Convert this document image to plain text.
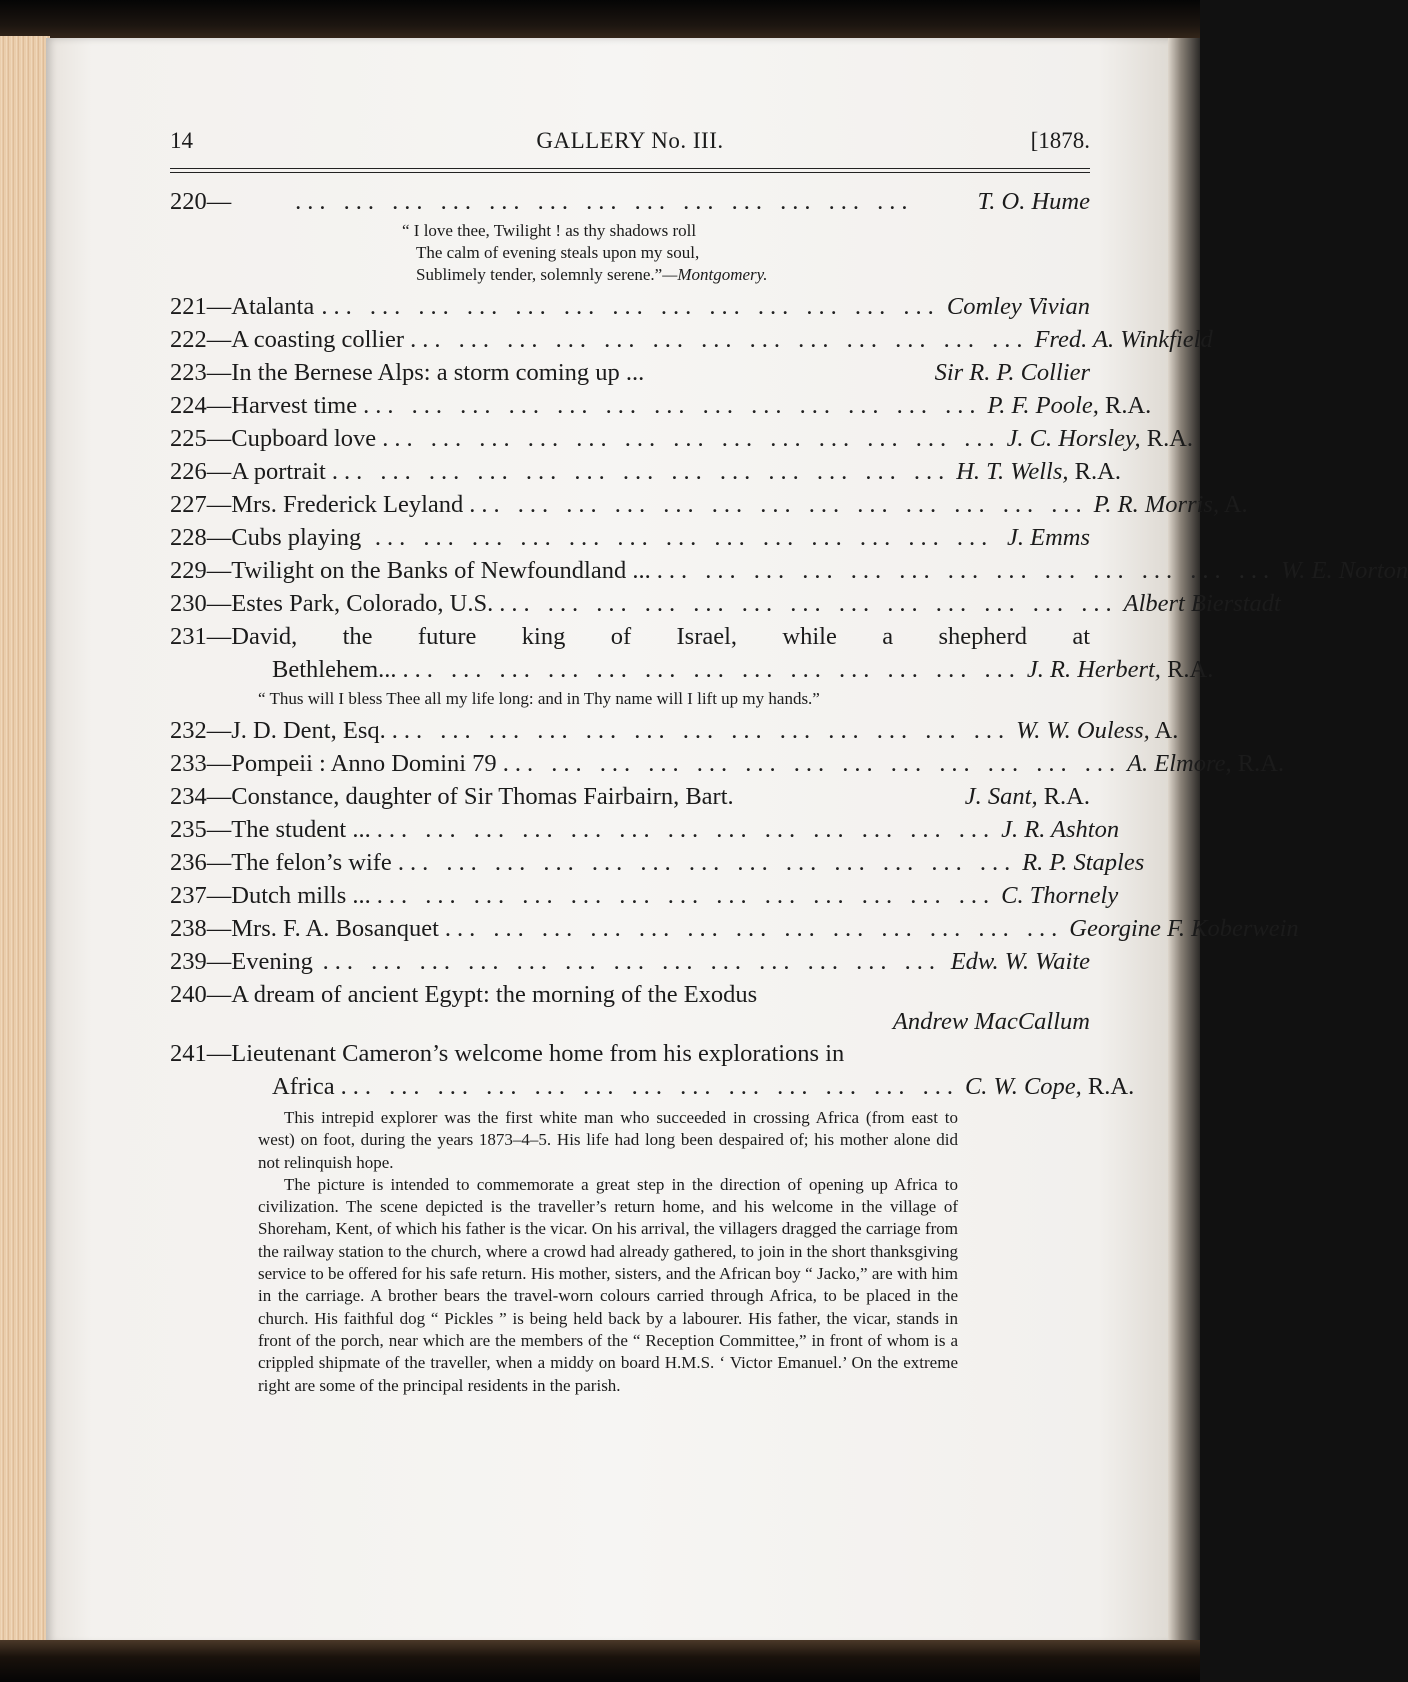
14	GALLERY No. III.	[1878.
220—	... ... ... ... ... ... ... ... ... ... ... ... ...	T. O. Hume
“ I love thee, Twilight ! as thy shadows roll
The calm of evening steals upon my soul,
Sublimely tender, solemnly serene.”—Montgomery.
221— Atalanta ... ... ... ... ... ... ... ... ... ... ... ... ... Comley Vivian
222— A coasting collier ... ... ... ... ... ... ... ... ... ... ... ... ... Fred. A. Winkfield
223— In the Bernese Alps: a storm coming up ...	Sir R. P. Collier
224— Harvest time ... ... ... ... ... ... ... ... ... ... ... ... ... P. F. Poole, R.A.
225— Cupboard love ... ... ... ... ... ... ... ... ... ... ... ... ... J. C. Horsley, R.A.
226— A portrait ... ... ... ... ... ... ... ... ... ... ... ... ... H. T. Wells, R.A.
227— Mrs. Frederick Leyland ... ... ... ... ... ... ... ... ... ... ... ... ... P. R. Morris, A.
228— Cubs playing ... ... ... ... ... ... ... ... ... ... ... ... ... J. Emms
229— Twilight on the Banks of Newfoundland ... ... ... ... ... ... ... ... ... ... ... ... ... ... W. E. Norton
230— Estes Park, Colorado, U.S. ... ... ... ... ... ... ... ... ... ... ... ... ... Albert Bierstadt
231—David, the future king of Israel, while a shepherd at
Bethlehem... ... ... ... ... ... ... ... ... ... ... ... ... ... J. R. Herbert, R.A.
“ Thus will I bless Thee all my life long: and in Thy name will I lift up my hands.”
232— J. D. Dent, Esq. ... ... ... ... ... ... ... ... ... ... ... ... ... W. W. Ouless, A.
233— Pompeii : Anno Domini 79 ... ... ... ... ... ... ... ... ... ... ... ... ... A. Elmore, R.A.
234— Constance, daughter of Sir Thomas Fairbairn, Bart.	J. Sant, R.A.
235— The student ... ... ... ... ... ... ... ... ... ... ... ... ... ... J. R. Ashton
236— The felon’s wife ... ... ... ... ... ... ... ... ... ... ... ... ... R. P. Staples
237— Dutch mills ... ... ... ... ... ... ... ... ... ... ... ... ... ... C. Thornely
238— Mrs. F. A. Bosanquet ... ... ... ... ... ... ... ... ... ... ... ... ... Georgine F. Koberwein
239— Evening ... ... ... ... ... ... ... ... ... ... ... ... ... Edw. W. Waite
240— A dream of ancient Egypt: the morning of the Exodus
Andrew MacCallum
241— Lieutenant Cameron’s welcome home from his explorations in
Africa ... ... ... ... ... ... ... ... ... ... ... ... ... C. W. Cope, R.A.

This intrepid explorer was the first white man who succeeded in crossing Africa (from east to west) on foot, during the years 1873–4–5. His life had long been despaired of; his mother alone did not relinquish hope.

The picture is intended to commemorate a great step in the direction of opening up Africa to civilization. The scene depicted is the traveller’s return home, and his welcome in the village of Shoreham, Kent, of which his father is the vicar. On his arrival, the villagers dragged the carriage from the railway station to the church, where a crowd had already gathered, to join in the short thanksgiving service to be offered for his safe return. His mother, sisters, and the African boy “ Jacko,” are with him in the carriage. A brother bears the travel-worn colours carried through Africa, to be placed in the church. His faithful dog “ Pickles ” is being held back by a labourer. His father, the vicar, stands in front of the porch, near which are the members of the “ Reception Committee,” in front of whom is a crippled shipmate of the traveller, when a middy on board H.M.S. ‘ Victor Emanuel.’ On the extreme right are some of the principal residents in the parish.
